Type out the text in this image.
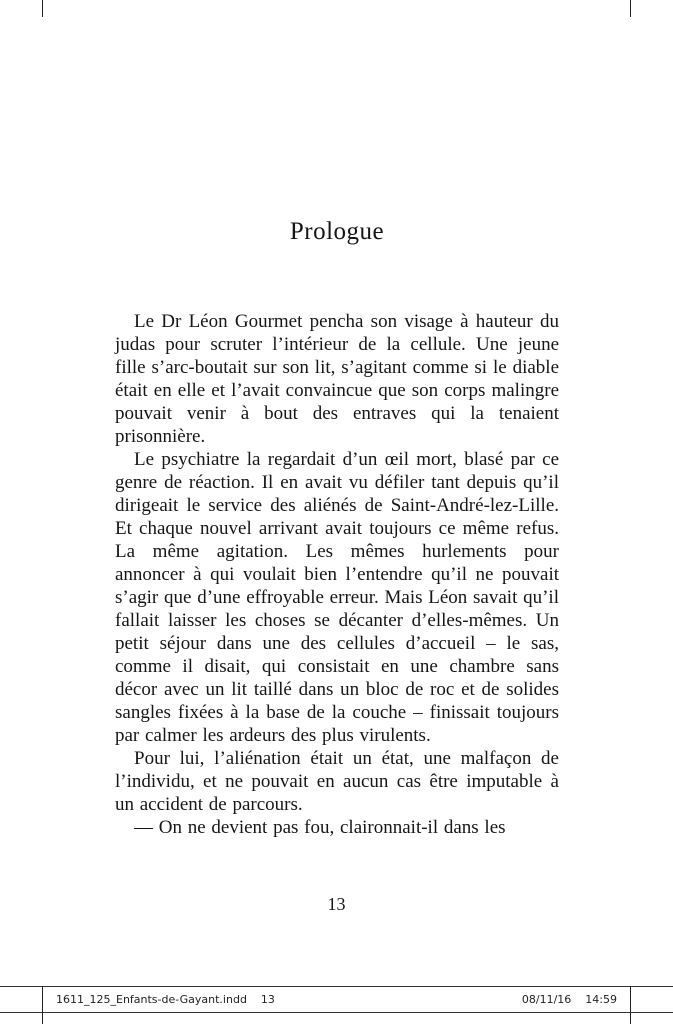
Prologue

Le Dr Léon Gourmet pencha son visage à hauteur du judas pour scruter l’intérieur de la cellule. Une jeune fille s’arc-boutait sur son lit, s’agitant comme si le diable était en elle et l’avait convaincue que son corps malingre pouvait venir à bout des entraves qui la tenaient prisonnière.

Le psychiatre la regardait d’un œil mort, blasé par ce genre de réaction. Il en avait vu défiler tant depuis qu’il dirigeait le service des aliénés de Saint-André-lez-Lille. Et chaque nouvel arrivant avait toujours ce même refus. La même agitation. Les mêmes hurlements pour annoncer à qui voulait bien l’entendre qu’il ne pouvait s’agir que d’une effroyable erreur. Mais Léon savait qu’il fallait laisser les choses se décanter d’elles-mêmes. Un petit séjour dans une des cellules d’accueil – le sas, comme il disait, qui consistait en une chambre sans décor avec un lit taillé dans un bloc de roc et de solides sangles fixées à la base de la couche – finissait toujours par calmer les ardeurs des plus virulents.

Pour lui, l’aliénation était un état, une malfaçon de l’individu, et ne pouvait en aucun cas être imputable à un accident de parcours.

— On ne devient pas fou, claironnait-il dans les

13
1611_125_Enfants-de-Gayant.indd 13	08/11/16 14:59
